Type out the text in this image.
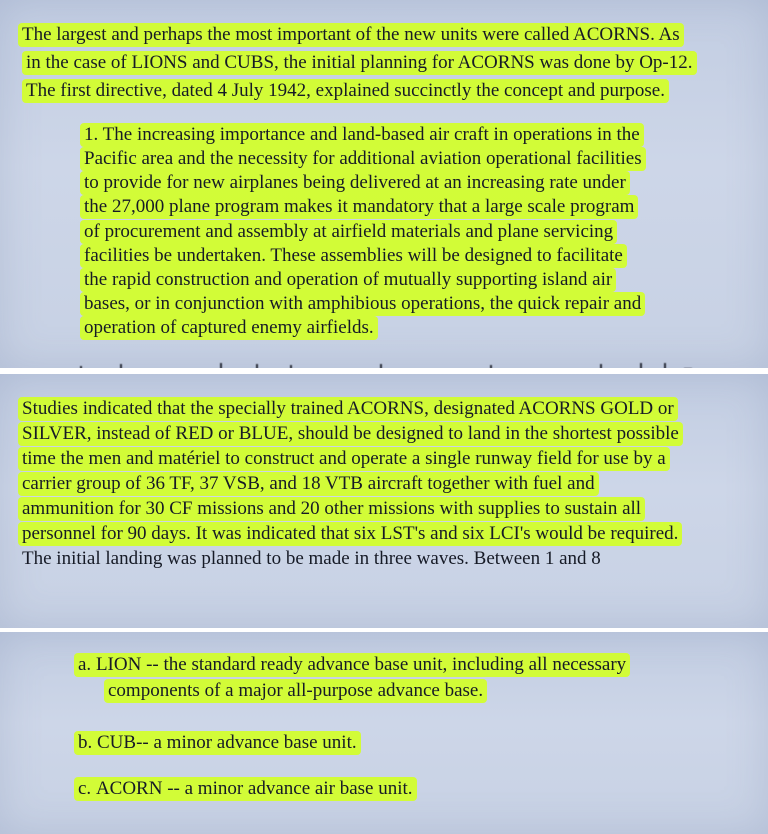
The largest and perhaps the most important of the new units were called ACORNS. As

in the case of LIONS and CUBS, the initial planning for ACORNS was done by Op-12.

The first directive, dated 4 July 1942, explained succinctly the concept and purpose.

1. The increasing importance and land-based air craft in operations in the

Pacific area and the necessity for additional aviation operational facilities

to provide for new airplanes being delivered at an increasing rate under

the 27,000 plane program makes it mandatory that a large scale program

of procurement and assembly at airfield materials and plane servicing

facilities be undertaken. These assemblies will be designed to facilitate

the rapid construction and operation of mutually supporting island air

bases, or in conjunction with amphibious operations, the quick repair and

operation of captured enemy airfields.

Studies indicated that the specially trained ACORNS, designated ACORNS GOLD or

SILVER, instead of RED or BLUE, should be designed to land in the shortest possible

time the men and matériel to construct and operate a single runway field for use by a

carrier group of 36 TF, 37 VSB, and 18 VTB aircraft together with fuel and

ammunition for 30 CF missions and 20 other missions with supplies to sustain all

personnel for 90 days. It was indicated that six LST's and six LCI's would be required.

The initial landing was planned to be made in three waves. Between 1 and 8

a. LION -- the standard ready advance base unit, including all necessary

components of a major all-purpose advance base.

b. CUB-- a minor advance base unit.

c. ACORN -- a minor advance air base unit.
